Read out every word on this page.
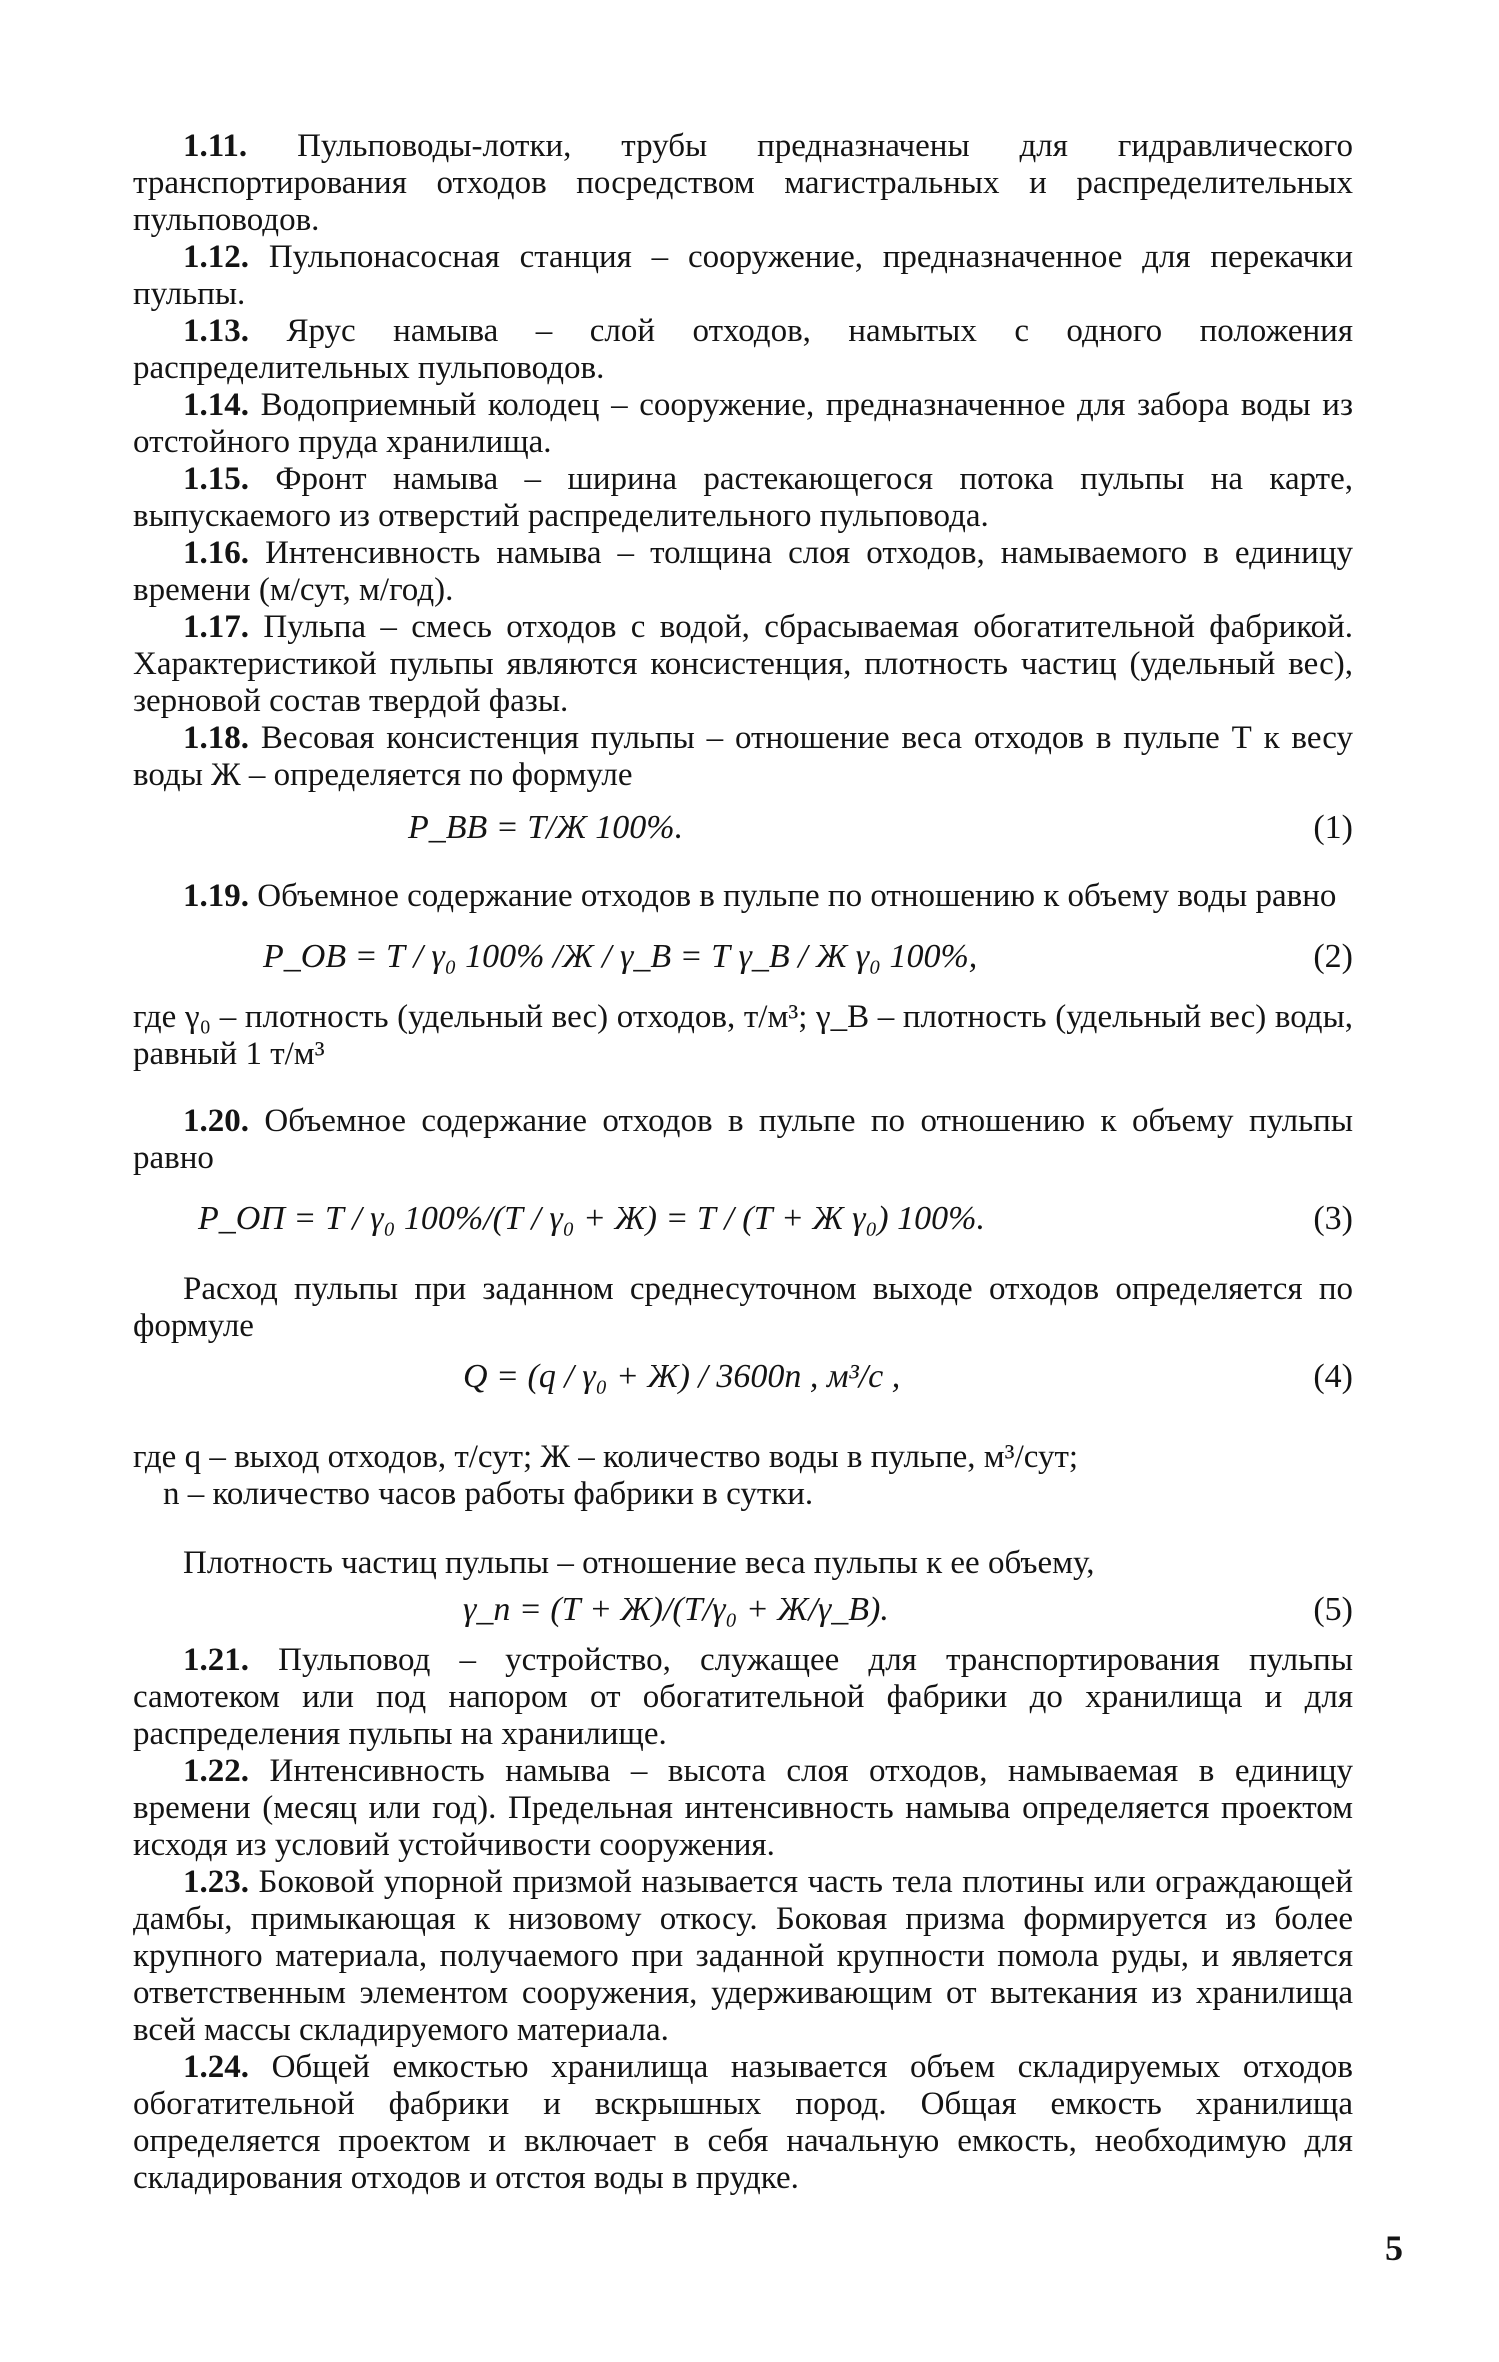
1.11. Пульповоды-лотки, трубы предназначены для гидравлического транспортирования отходов посредством магистральных и распределительных пульповодов.

1.12. Пульпонасосная станция – сооружение, предназначенное для перекачки пульпы.

1.13. Ярус намыва – слой отходов, намытых с одного положения распределительных пульповодов.

1.14. Водоприемный колодец – сооружение, предназначенное для забора воды из отстойного пруда хранилища.

1.15. Фронт намыва – ширина растекающегося потока пульпы на карте, выпускаемого из отверстий распределительного пульповода.

1.16. Интенсивность намыва – толщина слоя отходов, намываемого в единицу времени (м/сут, м/год).

1.17. Пульпа – смесь отходов с водой, сбрасываемая обогатительной фабрикой. Характеристикой пульпы являются консистенция, плотность частиц (удельный вес), зерновой состав твердой фазы.

1.18. Весовая консистенция пульпы – отношение веса отходов в пульпе Т к весу воды Ж – определяется по формуле

P_ВВ = Т/Ж 100%.	(1)

1.19. Объемное содержание отходов в пульпе по отношению к объему воды равно

P_ОВ = Т / γ₀ 100% /Ж / γ_В = Т γ_В / Ж γ₀ 100%,	(2)

где γ₀ – плотность (удельный вес) отходов, т/м³; γ_В – плотность (удельный вес) воды, равный 1 т/м³

1.20. Объемное содержание отходов в пульпе по отношению к объему пульпы равно

P_ОП = Т / γ₀ 100%/(Т / γ₀ + Ж) = Т / (Т + Ж γ₀) 100%.	(3)

Расход пульпы при заданном среднесуточном выходе отходов определяется по формуле

Q = (q / γ₀ + Ж) / 3600n , м³/с ,	(4)

где q – выход отходов, т/сут; Ж – количество воды в пульпе, м³/сут;

n – количество часов работы фабрики в сутки.

Плотность частиц пульпы – отношение веса пульпы к ее объему,

γ_п = (Т + Ж)/(Т/γ₀ + Ж/γ_В).	(5)

1.21. Пульповод – устройство, служащее для транспортирования пульпы самотеком или под напором от обогатительной фабрики до хранилища и для распределения пульпы на хранилище.

1.22. Интенсивность намыва – высота слоя отходов, намываемая в единицу времени (месяц или год). Предельная интенсивность намыва определяется проектом исходя из условий устойчивости сооружения.

1.23. Боковой упорной призмой называется часть тела плотины или ограждающей дамбы, примыкающая к низовому откосу. Боковая призма формируется из более крупного материала, получаемого при заданной крупности помола руды, и является ответственным элементом сооружения, удерживающим от вытекания из хранилища всей массы складируемого материала.

1.24. Общей емкостью хранилища называется объем складируемых отходов обогатительной фабрики и вскрышных пород. Общая емкость хранилища определяется проектом и включает в себя начальную емкость, необходимую для складирования отходов и отстоя воды в прудке.

5
